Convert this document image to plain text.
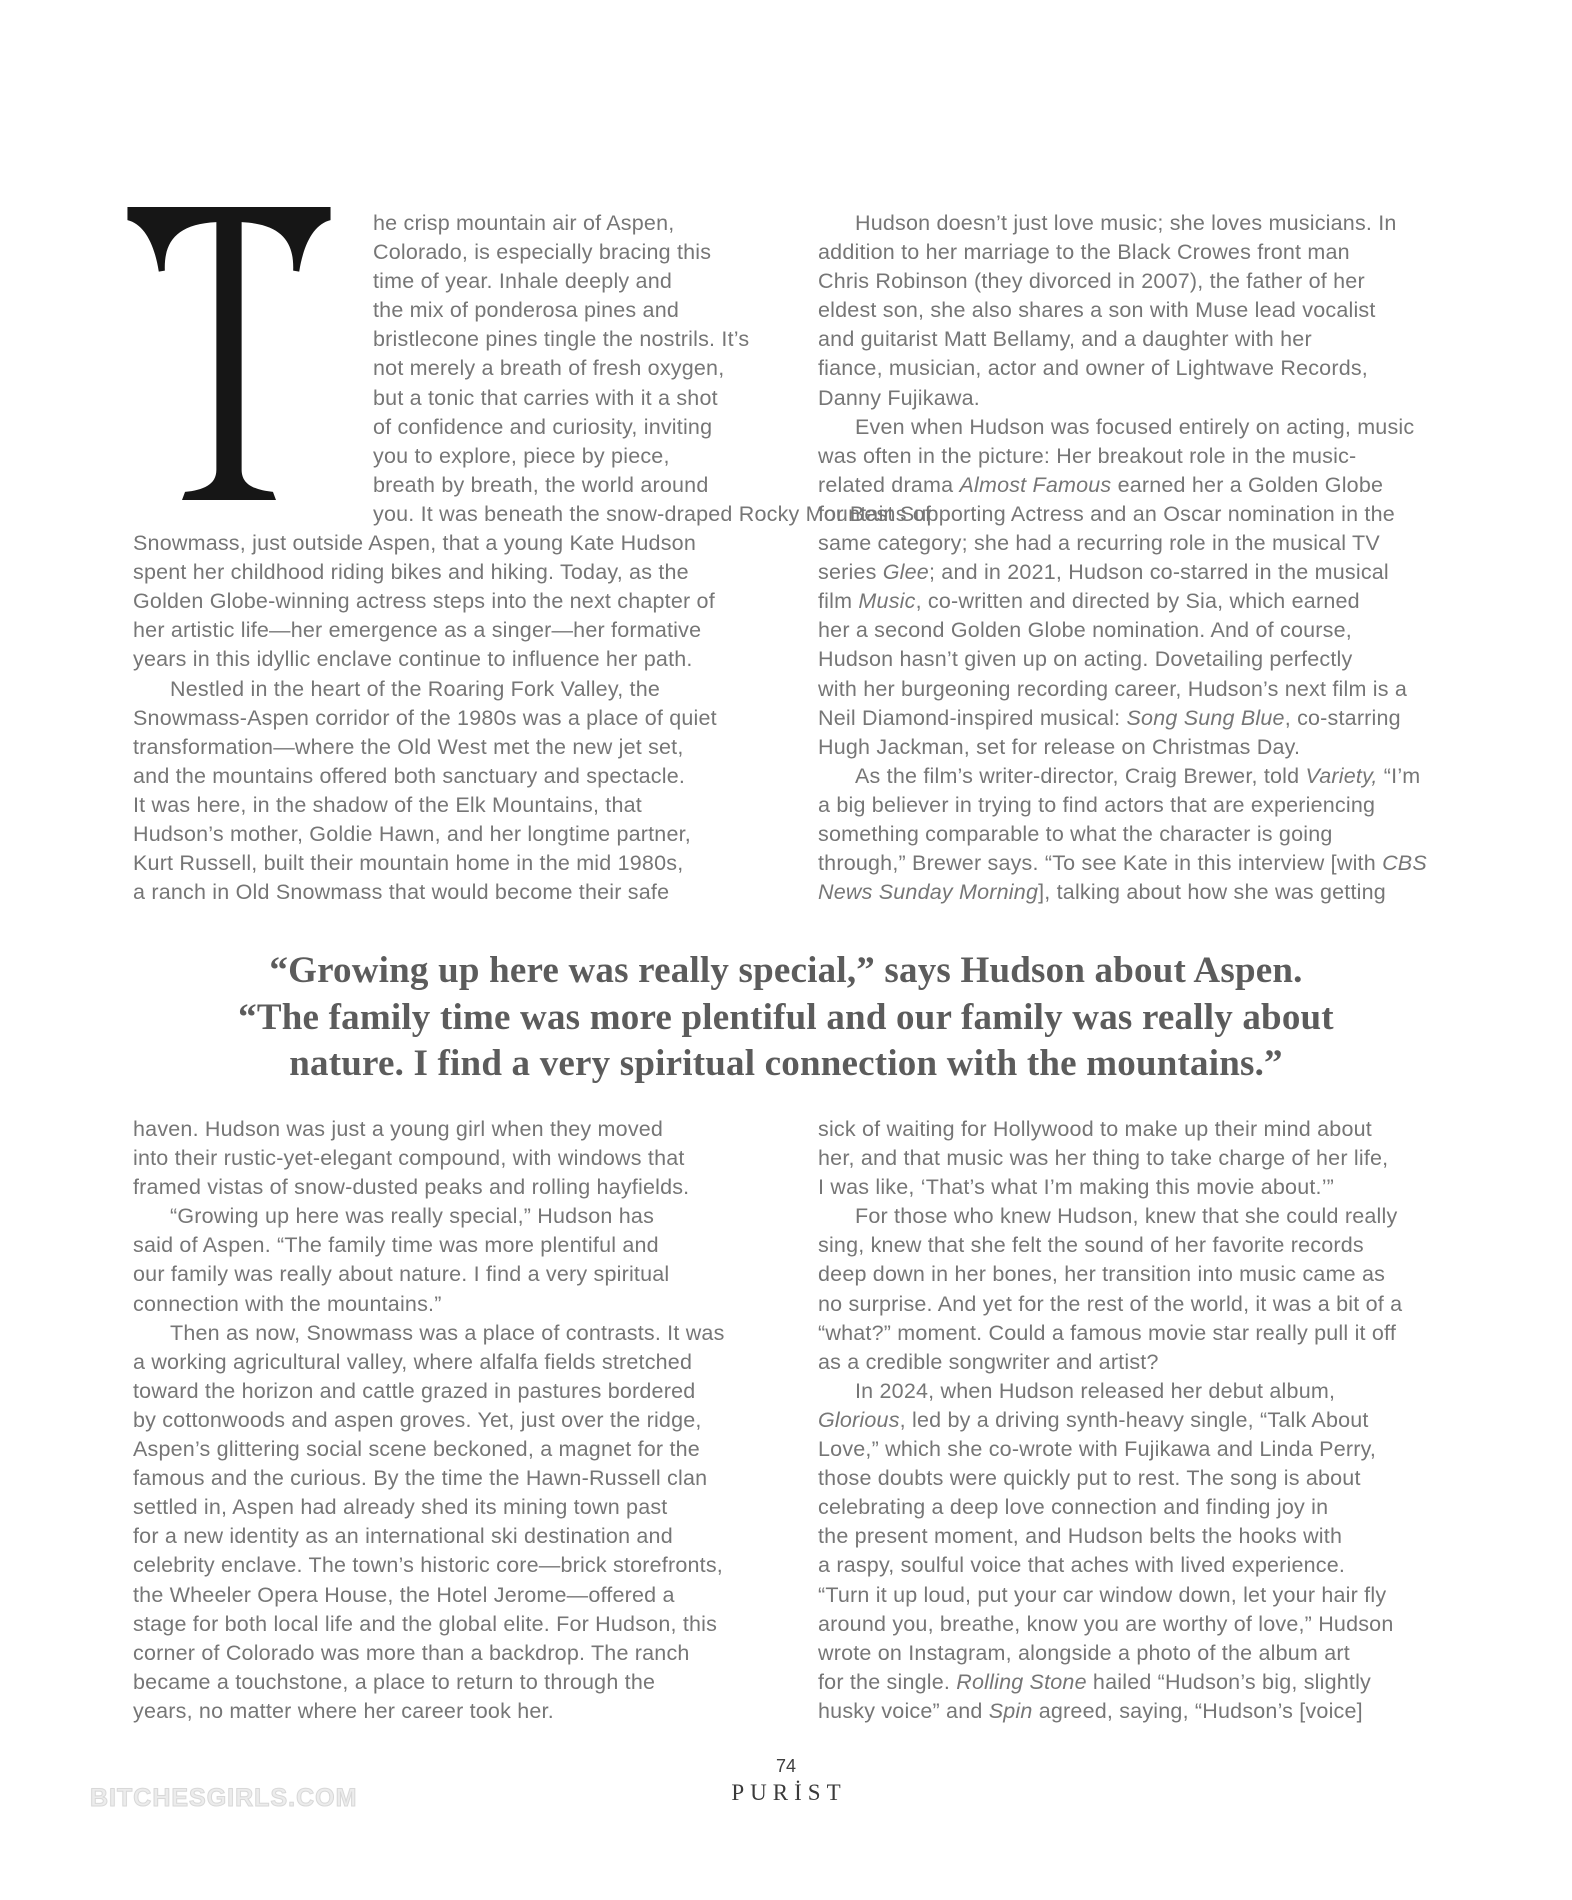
he crisp mountain air of Aspen,
Colorado, is especially bracing this
time of year. Inhale deeply and
the mix of ponderosa pines and
bristlecone pines tingle the nostrils. It’s
not merely a breath of fresh oxygen,
but a tonic that carries with it a shot
of confidence and curiosity, inviting
you to explore, piece by piece,
breath by breath, the world around
you. It was beneath the snow-draped Rocky Mountains of
Snowmass, just outside Aspen, that a young Kate Hudson
spent her childhood riding bikes and hiking. Today, as the
Golden Globe-winning actress steps into the next chapter of
her artistic life—her emergence as a singer—her formative
years in this idyllic enclave continue to influence her path.
Nestled in the heart of the Roaring Fork Valley, the
Snowmass-Aspen corridor of the 1980s was a place of quiet
transformation—where the Old West met the new jet set,
and the mountains offered both sanctuary and spectacle.
It was here, in the shadow of the Elk Mountains, that
Hudson’s mother, Goldie Hawn, and her longtime partner,
Kurt Russell, built their mountain home in the mid 1980s,
a ranch in Old Snowmass that would become their safe
Hudson doesn’t just love music; she loves musicians. In
addition to her marriage to the Black Crowes front man
Chris Robinson (they divorced in 2007), the father of her
eldest son, she also shares a son with Muse lead vocalist
and guitarist Matt Bellamy, and a daughter with her
fiance, musician, actor and owner of Lightwave Records,
Danny Fujikawa.
Even when Hudson was focused entirely on acting, music
was often in the picture: Her breakout role in the music-
related drama Almost Famous earned her a Golden Globe
for Best Supporting Actress and an Oscar nomination in the
same category; she had a recurring role in the musical TV
series Glee; and in 2021, Hudson co-starred in the musical
film Music, co-written and directed by Sia, which earned
her a second Golden Globe nomination. And of course,
Hudson hasn’t given up on acting. Dovetailing perfectly
with her burgeoning recording career, Hudson’s next film is a
Neil Diamond-inspired musical: Song Sung Blue, co-starring
Hugh Jackman, set for release on Christmas Day.
As the film’s writer-director, Craig Brewer, told Variety, “I’m
a big believer in trying to find actors that are experiencing
something comparable to what the character is going
through,” Brewer says. “To see Kate in this interview [with CBS
News Sunday Morning], talking about how she was getting
“Growing up here was really special,” says Hudson about Aspen.
“The family time was more plentiful and our family was really about
nature. I find a very spiritual connection with the mountains.”
haven. Hudson was just a young girl when they moved
into their rustic-yet-elegant compound, with windows that
framed vistas of snow-dusted peaks and rolling hayfields.
“Growing up here was really special,” Hudson has
said of Aspen. “The family time was more plentiful and
our family was really about nature. I find a very spiritual
connection with the mountains.”
Then as now, Snowmass was a place of contrasts. It was
a working agricultural valley, where alfalfa fields stretched
toward the horizon and cattle grazed in pastures bordered
by cottonwoods and aspen groves. Yet, just over the ridge,
Aspen’s glittering social scene beckoned, a magnet for the
famous and the curious. By the time the Hawn-Russell clan
settled in, Aspen had already shed its mining town past
for a new identity as an international ski destination and
celebrity enclave. The town’s historic core—brick storefronts,
the Wheeler Opera House, the Hotel Jerome—offered a
stage for both local life and the global elite. For Hudson, this
corner of Colorado was more than a backdrop. The ranch
became a touchstone, a place to return to through the
years, no matter where her career took her.
sick of waiting for Hollywood to make up their mind about
her, and that music was her thing to take charge of her life,
I was like, ‘That’s what I’m making this movie about.’”
For those who knew Hudson, knew that she could really
sing, knew that she felt the sound of her favorite records
deep down in her bones, her transition into music came as
no surprise. And yet for the rest of the world, it was a bit of a
“what?” moment. Could a famous movie star really pull it off
as a credible songwriter and artist?
In 2024, when Hudson released her debut album,
Glorious, led by a driving synth-heavy single, “Talk About
Love,” which she co-wrote with Fujikawa and Linda Perry,
those doubts were quickly put to rest. The song is about
celebrating a deep love connection and finding joy in
the present moment, and Hudson belts the hooks with
a raspy, soulful voice that aches with lived experience.
“Turn it up loud, put your car window down, let your hair fly
around you, breathe, know you are worthy of love,” Hudson
wrote on Instagram, alongside a photo of the album art
for the single. Rolling Stone hailed “Hudson’s big, slightly
husky voice” and Spin agreed, saying, “Hudson’s [voice]
BITCHESGIRLS.COM
74
PURİST
